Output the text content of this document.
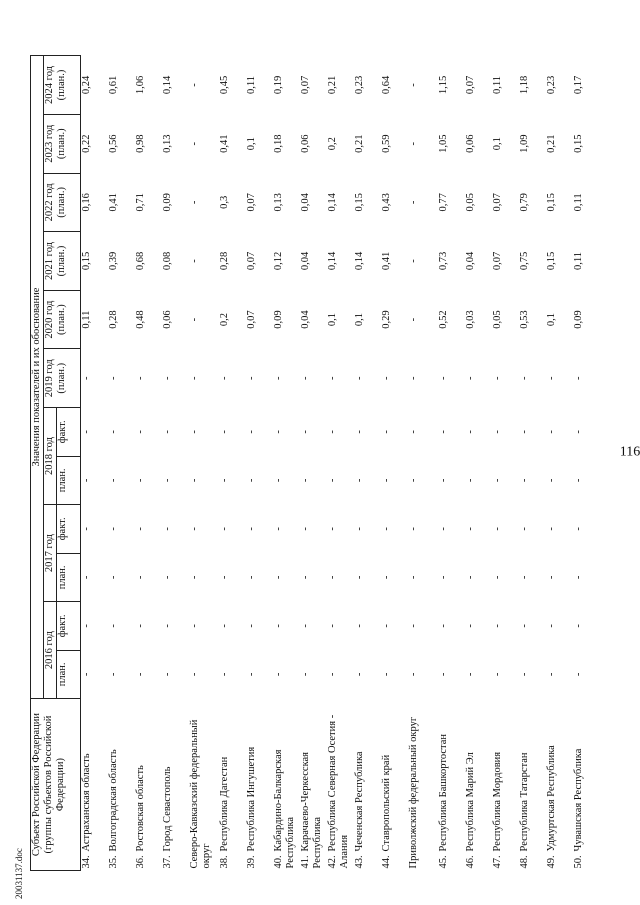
20031137.doc
116
Субъект Российской Федерации (группы субъектов Российской Федерации)	Значения показателей и их обоснование											
	2016 год		2017 год		2018 год		2019 год (план.)	2020 год (план.)	2021 год (план.)	2022 год (план.)	2023 год (план.)	2024 год (план.)
	план.	факт.	план.	факт.	план.	факт.						
34.Астраханская область	-	-	-	-	-	-	-	0,11	0,15	0,16	0,22	0,24
35.Волгоградская область	-	-	-	-	-	-	-	0,28	0,39	0,41	0,56	0,61
36.Ростовская область	-	-	-	-	-	-	-	0,48	0,68	0,71	0,98	1,06
37.Город Севастополь	-	-	-	-	-	-	-	0,06	0,08	0,09	0,13	0,14
Северо-Кавказский федеральный округ	-	-	-	-	-	-	-	-	-	-	-	-
38.Республика Дагестан	-	-	-	-	-	-	-	0,2	0,28	0,3	0,41	0,45
39.Республика Ингушетия	-	-	-	-	-	-	-	0,07	0,07	0,07	0,1	0,11
40.Кабардино-Балкарская Республика	-	-	-	-	-	-	-	0,09	0,12	0,13	0,18	0,19
41.Карачаево-Черкесская Республика	-	-	-	-	-	-	-	0,04	0,04	0,04	0,06	0,07
42.Республика Северная Осетия - Алания	-	-	-	-	-	-	-	0,1	0,14	0,14	0,2	0,21
43.Чеченская Республика	-	-	-	-	-	-	-	0,1	0,14	0,15	0,21	0,23
44.Ставропольский край	-	-	-	-	-	-	-	0,29	0,41	0,43	0,59	0,64
Приволжский федеральный округ	-	-	-	-	-	-	-	-	-	-	-	-
45.Республика Башкортостан	-	-	-	-	-	-	-	0,52	0,73	0,77	1,05	1,15
46.Республика Марий Эл	-	-	-	-	-	-	-	0,03	0,04	0,05	0,06	0,07
47.Республика Мордовия	-	-	-	-	-	-	-	0,05	0,07	0,07	0,1	0,11
48.Республика Татарстан	-	-	-	-	-	-	-	0,53	0,75	0,79	1,09	1,18
49.Удмуртская Республика	-	-	-	-	-	-	-	0,1	0,15	0,15	0,21	0,23
50.Чувашская Республика	-	-	-	-	-	-	-	0,09	0,11	0,11	0,15	0,17
